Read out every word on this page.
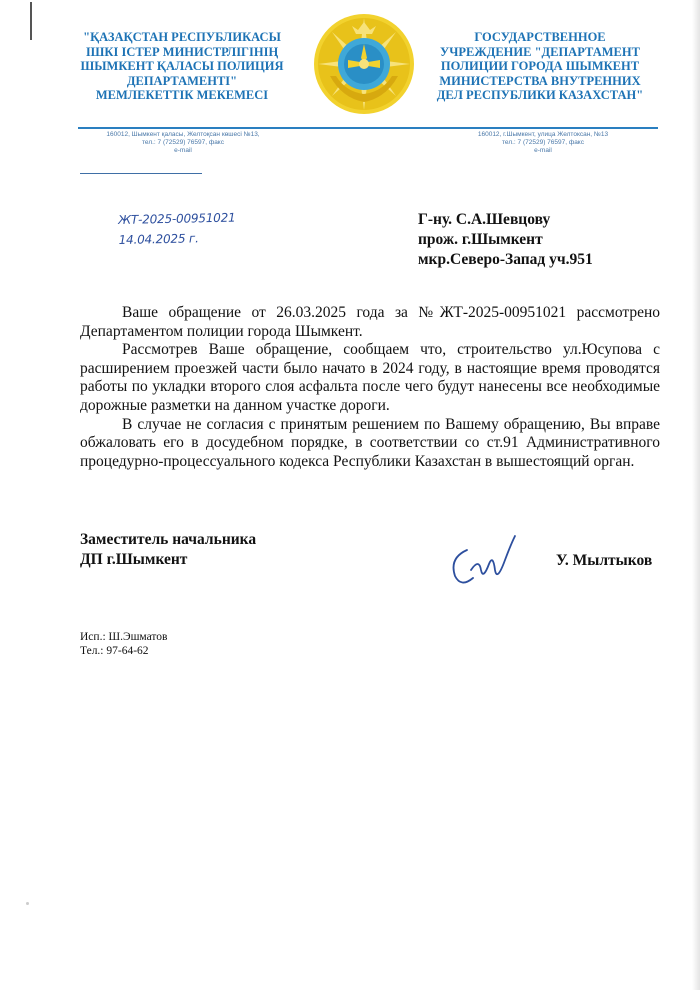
"ҚАЗАҚСТАН РЕСПУБЛИКАСЫ
ІШКІ ІСТЕР МИНИСТРЛІГІНІҢ
ШЫМКЕНТ ҚАЛАСЫ ПОЛИЦИЯ
ДЕПАРТАМЕНТІ"
МЕМЛЕКЕТТІК МЕКЕМЕСІ
ГОСУДАРСТВЕННОЕ
УЧРЕЖДЕНИЕ "ДЕПАРТАМЕНТ
ПОЛИЦИИ ГОРОДА ШЫМКЕНТ
МИНИСТЕРСТВА ВНУТРЕННИХ
ДЕЛ РЕСПУБЛИКИ КАЗАХСТАН"
160012, Шымкент қаласы, Желтоқсан көшесі №13,
тел.: 7 (72529) 76597, факс
e-mail
160012, г.Шымкент, улица Желтоксан, №13
тел.: 7 (72529) 76597, факс
e-mail
ЖТ-2025-00951021
14.04.2025 г.
Г-ну. С.А.Шевцову
прож. г.Шымкент
мкр.Северо-Запад уч.951

Ваше обращение от 26.03.2025 года за №ЖТ-2025-00951021 рассмотрено Департаментом полиции города Шымкент.

Рассмотрев Ваше обращение, сообщаем что, строительство ул.Юсупова с расширением проезжей части было начато в 2024 году, в настоящие время проводятся работы по укладки второго слоя асфальта после чего будут нанесены все необходимые дорожные разметки на данном участке дороги.

В случае не согласия с принятым решением по Вашему обращению, Вы вправе обжаловать его в досудебном порядке, в соответствии со ст.91 Административного процедурно-процессуального кодекса Республики Казахстан в вышестоящий орган.

Заместитель начальника
ДП г.Шымкент	У. Мылтыков
Исп.: Ш.Эшматов
Тел.: 97-64-62
